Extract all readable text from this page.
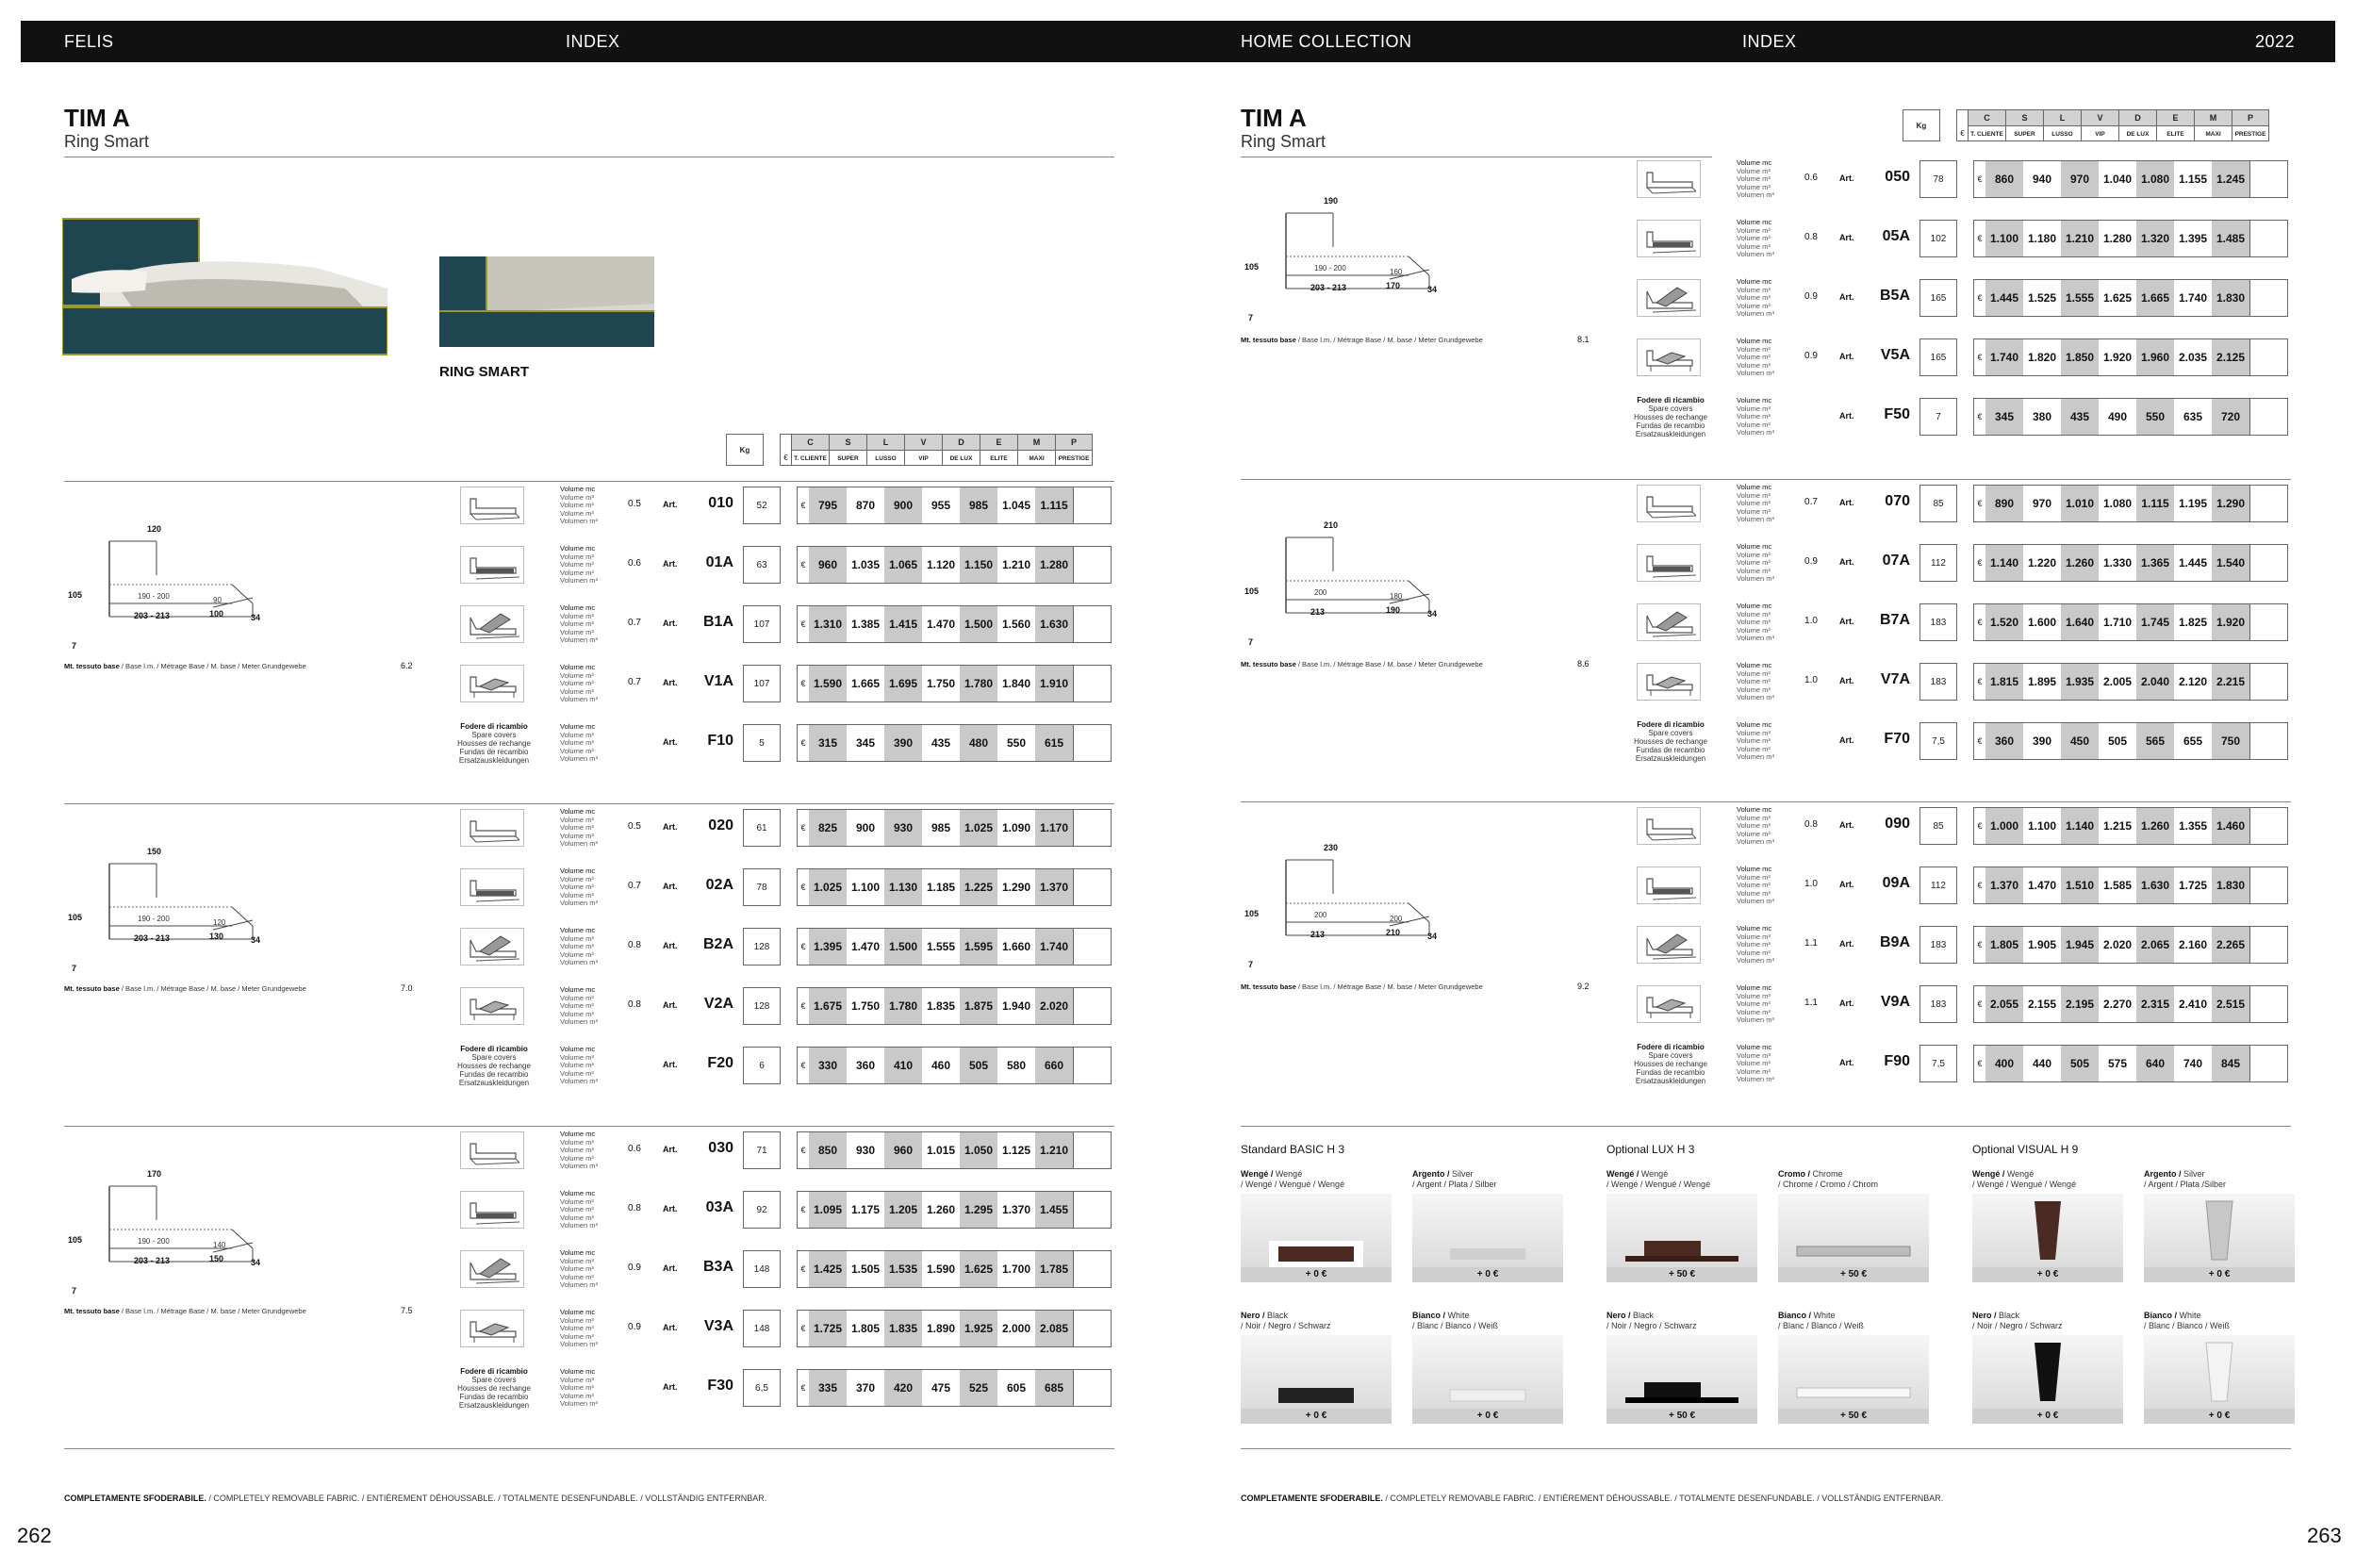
FELIS	INDEX	HOME COLLECTION	INDEX	2022
TIM A
Ring Smart
COMPLETAMENTE SFODERABILE. / COMPLETELY REMOVABLE FABRIC. / ENTIÈREMENT DÉHOUSSABLE. / TOTALMENTE DESENFUNDABLE. / VOLLSTÄNDIG ENTFERNBAR.
262
RING SMART
TIM A
Ring Smart
COMPLETAMENTE SFODERABILE. / COMPLETELY REMOVABLE FABRIC. / ENTIÈREMENT DÉHOUSSABLE. / TOTALMENTE DESENFUNDABLE. / VOLLSTÄNDIG ENTFERNBAR.
263
Kg
€
C
T. CLIENTE
S
SUPER
L
LUSSO
V
VIP
D
DE LUX
E
ELITE
M
MAXI
P
PRESTIGE
120
105
7
190 - 200
203 - 213
90
100	34
Mt. tessuto base / Base l.m. / Métrage Base / M. base / Meter Grundgewebe	6.2
Volume mc
Volume m³
Volume m³
Volume m³
Volumen m³
0.5	Art.	010	52	€	795	870	900	955	985	1.045 1.115
Volume mc
Volume m³
Volume m³
Volume m³
Volumen m³
0.6	Art.	01A	63	€	960	1.035 1.065 1.120 1.150 1.210 1.280
Volume mc
Volume m³
Volume m³
Volume m³
Volumen m³
0.7	Art.	B1A	107	€ 1.310 1.385 1.415 1.470 1.500 1.560 1.630
Volume mc
Volume m³
Volume m³
Volume m³
Volumen m³
0.7	Art.	V1A	107	€ 1.590 1.665 1.695 1.750 1.780 1.840 1.910
Fodere di ricambio
Spare covers
Housses de rechange
Fundas de recambio
Ersatzauskleidungen
Volume mc
Volume m³
Volume m³
Volume m³
Volumen m³
Art.	F10	5	€	315	345	390	435	480	550	615
150
105
7
190 - 200
203 - 213
120
130	34
Mt. tessuto base / Base l.m. / Métrage Base / M. base / Meter Grundgewebe	7.0
Volume mc
Volume m³
Volume m³
Volume m³
Volumen m³
0.5	Art.	020	61	€	825	900	930	985	1.025 1.090 1.170
Volume mc
Volume m³
Volume m³
Volume m³
Volumen m³
0.7	Art.	02A	78	€ 1.025 1.100 1.130 1.185 1.225 1.290 1.370
Volume mc
Volume m³
Volume m³
Volume m³
Volumen m³
0.8	Art.	B2A	128	€ 1.395 1.470 1.500 1.555 1.595 1.660 1.740
Volume mc
Volume m³
Volume m³
Volume m³
Volumen m³
0.8	Art.	V2A	128	€ 1.675 1.750 1.780 1.835 1.875 1.940 2.020
Fodere di ricambio
Spare covers
Housses de rechange
Fundas de recambio
Ersatzauskleidungen
Volume mc
Volume m³
Volume m³
Volume m³
Volumen m³
Art.	F20	6	€	330	360	410	460	505	580	660
170
105
7
190 - 200
203 - 213
140
150	34
Mt. tessuto base / Base l.m. / Métrage Base / M. base / Meter Grundgewebe	7.5
Volume mc
Volume m³
Volume m³
Volume m³
Volumen m³
0.6	Art.	030	71	€	850	930	960	1.015 1.050 1.125 1.210
Volume mc
Volume m³
Volume m³
Volume m³
Volumen m³
0.8	Art.	03A	92	€ 1.095 1.175 1.205 1.260 1.295 1.370 1.455
Volume mc
Volume m³
Volume m³
Volume m³
Volumen m³
0.9	Art.	B3A	148	€ 1.425 1.505 1.535 1.590 1.625 1.700 1.785
Volume mc
Volume m³
Volume m³
Volume m³
Volumen m³
0.9	Art.	V3A	148	€ 1.725 1.805 1.835 1.890 1.925 2.000 2.085
Fodere di ricambio
Spare covers
Housses de rechange
Fundas de recambio
Ersatzauskleidungen
Volume mc
Volume m³
Volume m³
Volume m³
Volumen m³
Art.	F30	6,5	€	335	370	420	475	525	605	685
Kg
€
C
T. CLIENTE
S
SUPER
L
LUSSO
V
VIP
D
DE LUX
E
ELITE
M
MAXI
P
PRESTIGE
190
105
7
190 - 200
203 - 213
160
170	34
Mt. tessuto base / Base l.m. / Métrage Base / M. base / Meter Grundgewebe	8.1
Volume mc
Volume m³
Volume m³
Volume m³
Volumen m³
0.6	Art.	050	78	€	860	940	970	1.040 1.080 1.155 1.245
Volume mc
Volume m³
Volume m³
Volume m³
Volumen m³
0.8	Art.	05A	102	€ 1.100 1.180 1.210 1.280 1.320 1.395 1.485
Volume mc
Volume m³
Volume m³
Volume m³
Volumen m³
0.9	Art.	B5A	165	€ 1.445 1.525 1.555 1.625 1.665 1.740 1.830
Volume mc
Volume m³
Volume m³
Volume m³
Volumen m³
0.9	Art.	V5A	165	€ 1.740 1.820 1.850 1.920 1.960 2.035 2.125
Fodere di ricambio
Spare covers
Housses de rechange
Fundas de recambio
Ersatzauskleidungen
Volume mc
Volume m³
Volume m³
Volume m³
Volumen m³
Art.	F50	7	€	345	380	435	490	550	635	720
210
105
7
200
213
180
190	34
Mt. tessuto base / Base l.m. / Métrage Base / M. base / Meter Grundgewebe	8.6
Volume mc
Volume m³
Volume m³
Volume m³
Volumen m³
0.7	Art.	070	85	€	890	970	1.010 1.080 1.115 1.195 1.290
Volume mc
Volume m³
Volume m³
Volume m³
Volumen m³
0.9	Art.	07A	112	€ 1.140 1.220 1.260 1.330 1.365 1.445 1.540
Volume mc
Volume m³
Volume m³
Volume m³
Volumen m³
1.0	Art.	B7A	183	€ 1.520 1.600 1.640 1.710 1.745 1.825 1.920
Volume mc
Volume m³
Volume m³
Volume m³
Volumen m³
1.0	Art.	V7A	183	€ 1.815 1.895 1.935 2.005 2.040 2.120 2.215
Fodere di ricambio
Spare covers
Housses de rechange
Fundas de recambio
Ersatzauskleidungen
Volume mc
Volume m³
Volume m³
Volume m³
Volumen m³
Art.	F70	7,5	€	360	390	450	505	565	655	750
230
105
7
200
213
200
210	34
Mt. tessuto base / Base l.m. / Métrage Base / M. base / Meter Grundgewebe	9.2
Volume mc
Volume m³
Volume m³
Volume m³
Volumen m³
0.8	Art.	090	85	€ 1.000 1.100 1.140 1.215 1.260 1.355 1.460
Volume mc
Volume m³
Volume m³
Volume m³
Volumen m³
1.0	Art.	09A	112	€ 1.370 1.470 1.510 1.585 1.630 1.725 1.830
Volume mc
Volume m³
Volume m³
Volume m³
Volumen m³
1.1	Art.	B9A	183	€ 1.805 1.905 1.945 2.020 2.065 2.160 2.265
Volume mc
Volume m³
Volume m³
Volume m³
Volumen m³
1.1	Art.	V9A	183	€ 2.055 2.155 2.195 2.270 2.315 2.410 2.515
Fodere di ricambio
Spare covers
Housses de rechange
Fundas de recambio
Ersatzauskleidungen
Volume mc
Volume m³
Volume m³
Volume m³
Volumen m³
Art.	F90	7,5	€	400	440	505	575	640	740	845
Standard BASIC H 3
Wengé / Wengé
/ Wengé / Wengué / Wengé
+ 0 €
Argento / Silver
/ Argent / Plata / Silber
+ 0 €
Nero / Black
/ Noir / Negro / Schwarz
+ 0 €
Bianco / White
/ Blanc / Blanco / Weiß
+ 0 €
Optional LUX H 3
Wengé / Wengé
/ Wengé / Wengué / Wengé
+ 50 €
Cromo / Chrome
/ Chrome / Cromo / Chrom
+ 50 €
Nero / Black
/ Noir / Negro / Schwarz
+ 50 €
Bianco / White
/ Blanc / Blanco / Weiß
+ 50 €
Optional VISUAL H 9
Wengé / Wengé
/ Wengé / Wengué / Wengé
+ 0 €
Argento / Silver
/ Argent / Plata /Silber
+ 0 €
Nero / Black
/ Noir / Negro / Schwarz
+ 0 €
Bianco / White
/ Blanc / Blanco / Weiß
+ 0 €
